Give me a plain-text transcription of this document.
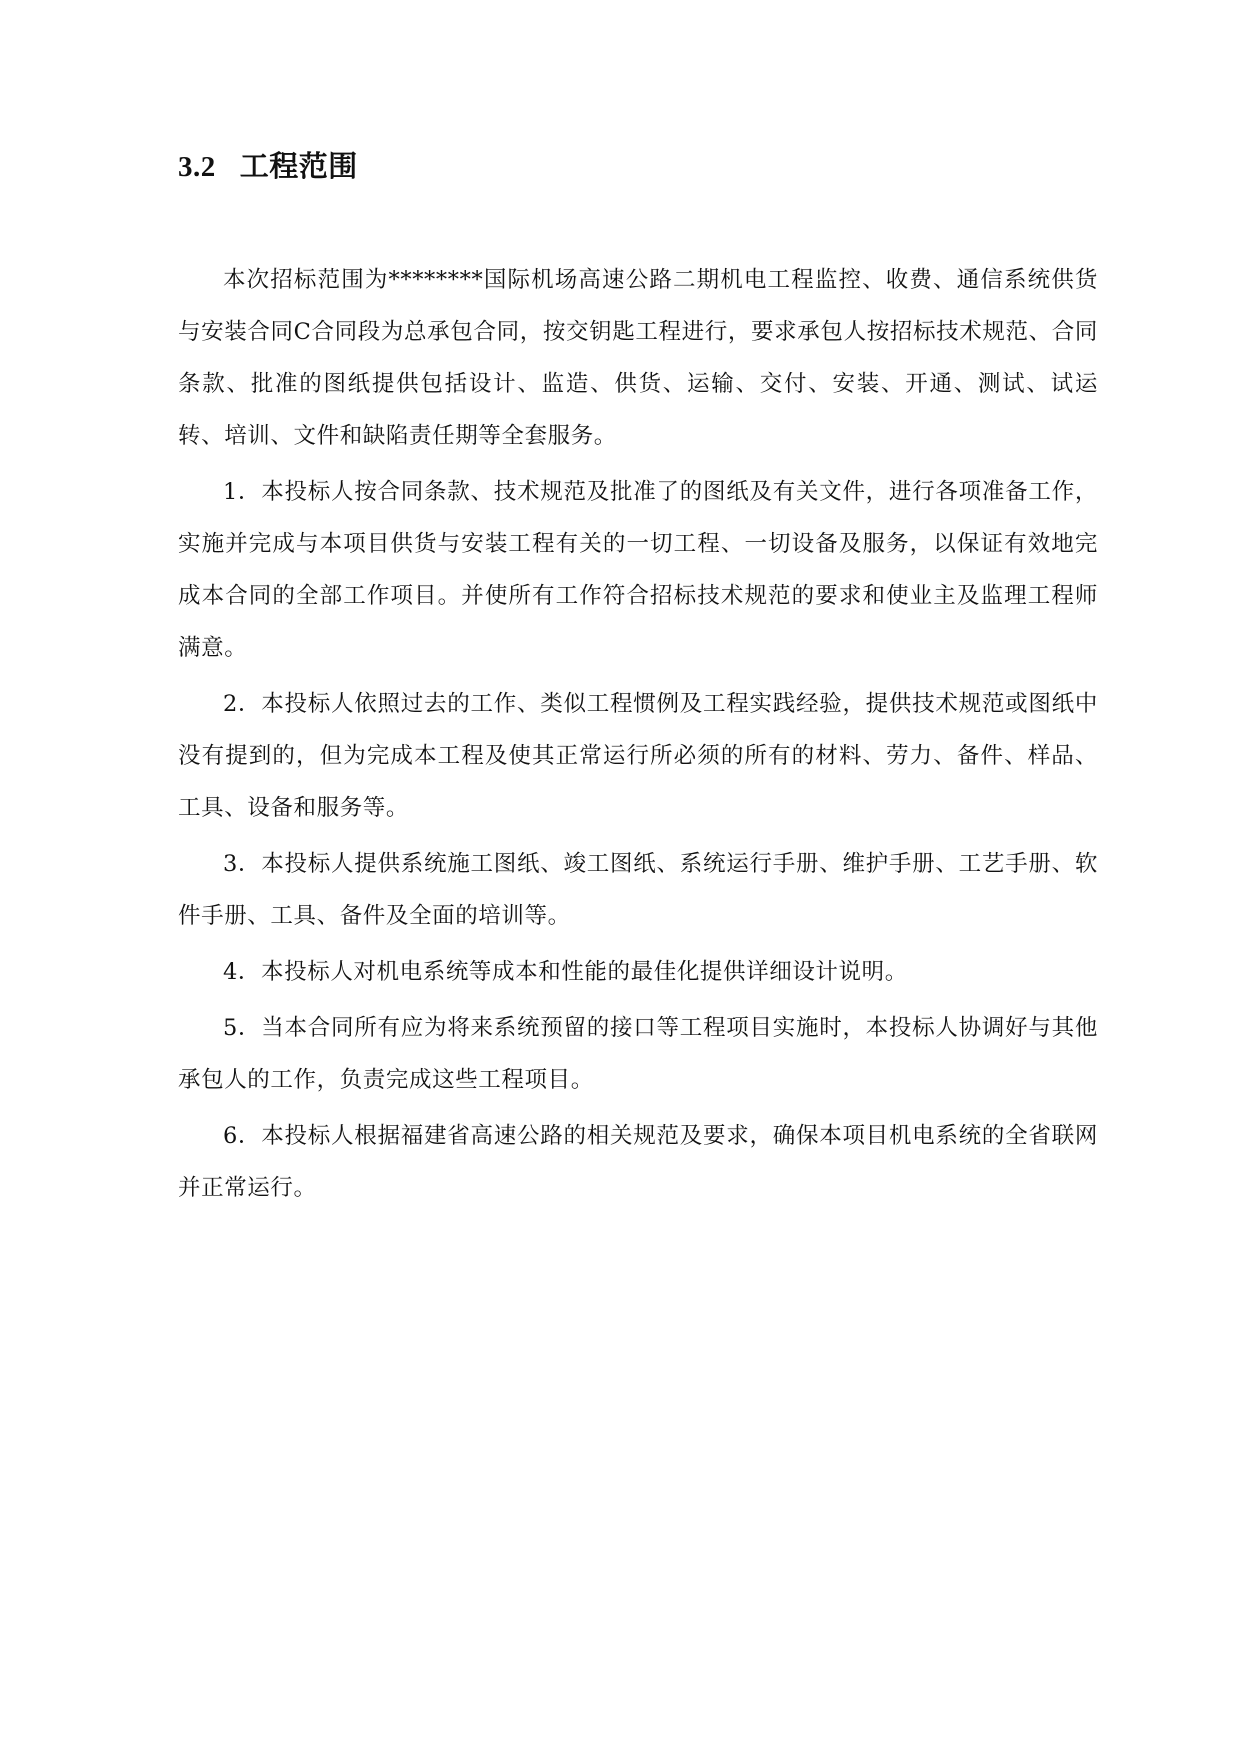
3.2 工程范围

本次招标范围为********国际机场高速公路二期机电工程监控、收费、通信系统供货与安装合同C合同段为总承包合同，按交钥匙工程进行，要求承包人按招标技术规范、合同条款、批准的图纸提供包括设计、监造、供货、运输、交付、安装、开通、测试、试运转、培训、文件和缺陷责任期等全套服务。

1．本投标人按合同条款、技术规范及批准了的图纸及有关文件，进行各项准备工作，实施并完成与本项目供货与安装工程有关的一切工程、一切设备及服务，以保证有效地完成本合同的全部工作项目。并使所有工作符合招标技术规范的要求和使业主及监理工程师满意。

2．本投标人依照过去的工作、类似工程惯例及工程实践经验，提供技术规范或图纸中没有提到的，但为完成本工程及使其正常运行所必须的所有的材料、劳力、备件、样品、工具、设备和服务等。

3．本投标人提供系统施工图纸、竣工图纸、系统运行手册、维护手册、工艺手册、软件手册、工具、备件及全面的培训等。

4．本投标人对机电系统等成本和性能的最佳化提供详细设计说明。

5．当本合同所有应为将来系统预留的接口等工程项目实施时，本投标人协调好与其他承包人的工作，负责完成这些工程项目。

6．本投标人根据福建省高速公路的相关规范及要求，确保本项目机电系统的全省联网并正常运行。
